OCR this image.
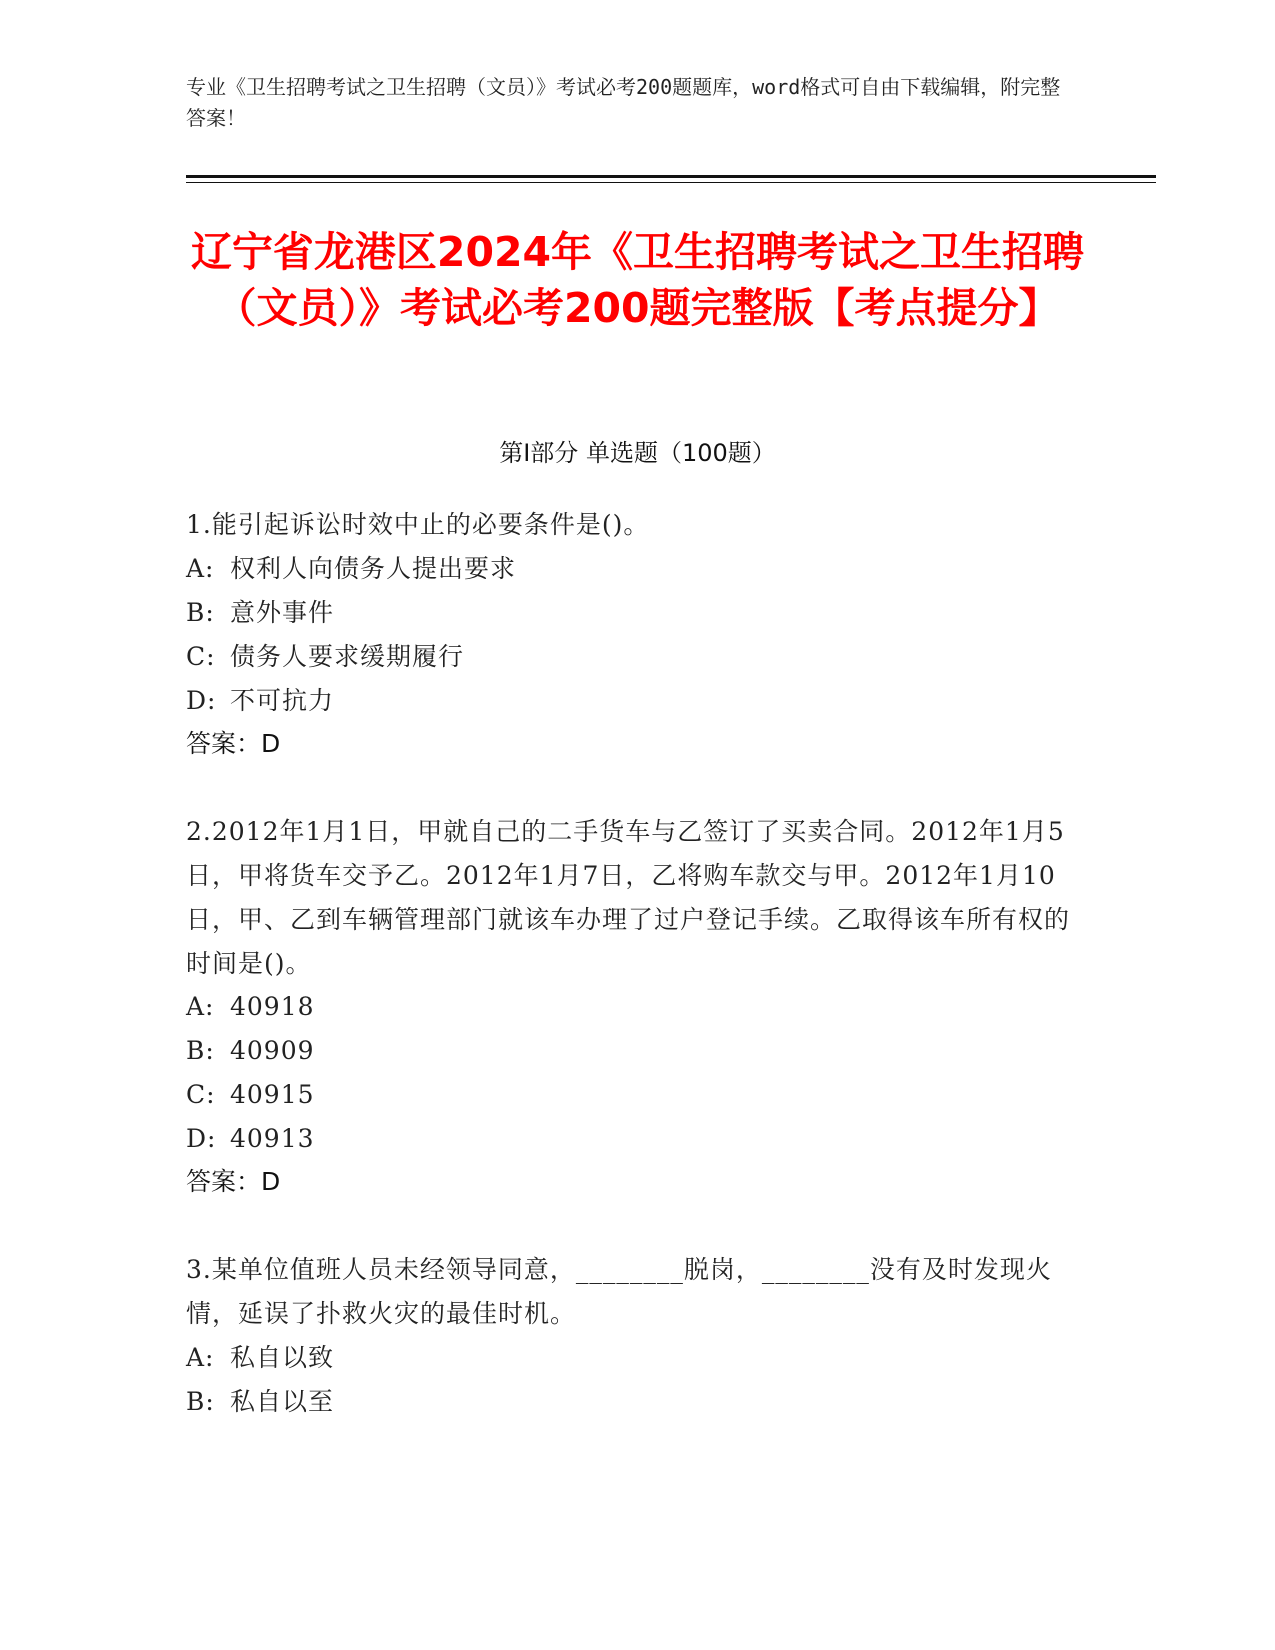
专业《卫生招聘考试之卫生招聘（文员）》考试必考200题题库，word格式可自由下载编辑，附完整答案！
辽宁省龙港区2024年《卫生招聘考试之卫生招聘（文员）》考试必考200题完整版【考点提分】
第I部分 单选题（100题）

1.能引起诉讼时效中止的必要条件是()。

A: 权利人向债务人提出要求
B: 意外事件
C: 债务人要求缓期履行
D: 不可抗力
答案：D

2.2012年1月1日，甲就自己的二手货车与乙签订了买卖合同。2012年1月5日，甲将货车交予乙。2012年1月7日，乙将购车款交与甲。2012年1月10日，甲、乙到车辆管理部门就该车办理了过户登记手续。乙取得该车所有权的时间是()。

A: 40918
B: 40909
C: 40915
D: 40913
答案：D

3.某单位值班人员未经领导同意，________脱岗，________没有及时发现火情，延误了扑救火灾的最佳时机。

A: 私自以致
B: 私自以至
